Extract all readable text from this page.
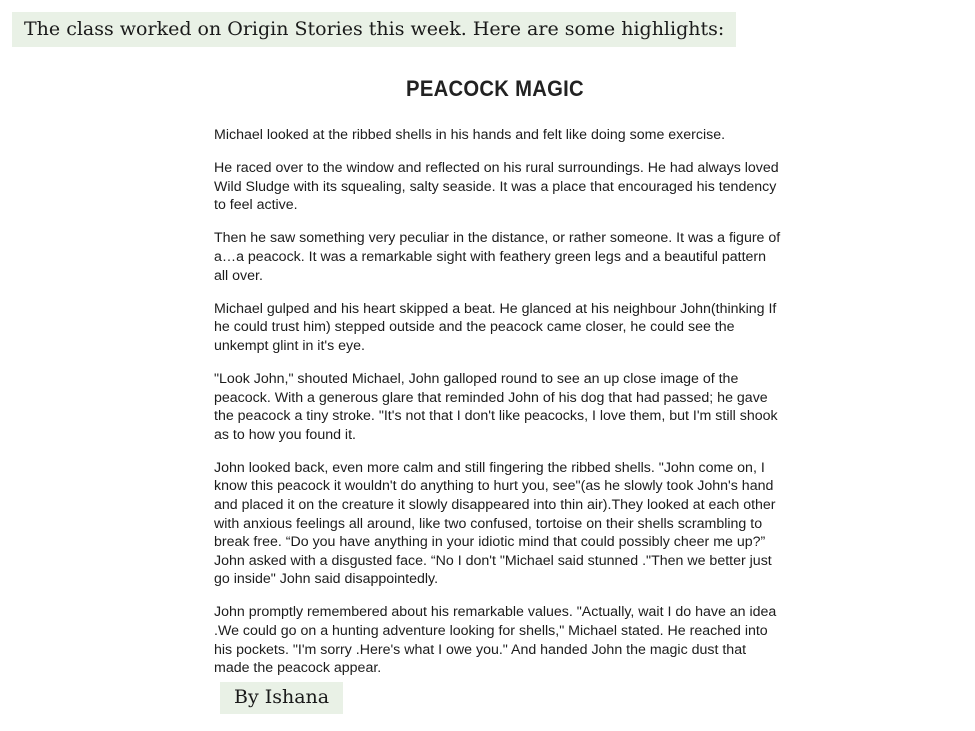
The class worked on Origin Stories this week. Here are some highlights:
PEACOCK MAGIC

Michael looked at the ribbed shells in his hands and felt like doing some exercise.

He raced over to the window and reflected on his rural surroundings. He had always loved Wild Sludge with its squealing, salty seaside. It was a place that encouraged his tendency to feel active.

Then he saw something very peculiar in the distance, or rather someone. It was a figure of a…a peacock. It was a remarkable sight with feathery green legs and a beautiful pattern all over.

Michael gulped and his heart skipped a beat. He glanced at his neighbour John(thinking If he could trust him) stepped outside and the peacock came closer, he could see the unkempt glint in it's eye.

"Look John," shouted Michael, John galloped round to see an up close image of the peacock. With a generous glare that reminded John of his dog that had passed; he gave the peacock a tiny stroke. "It's not that I don't like peacocks, I love them, but I'm still shook as to how you found it.

John looked back, even more calm and still fingering the ribbed shells. "John come on, I know this peacock it wouldn't do anything to hurt you, see"(as he slowly took John's hand and placed it on the creature it slowly disappeared into thin air).They looked at each other with anxious feelings all around, like two confused, tortoise on their shells scrambling to break free. “Do you have anything in your idiotic mind that could possibly cheer me up?” John asked with a disgusted face. “No I don't "Michael said stunned ."Then we better just go inside" John said disappointedly.

John promptly remembered about his remarkable values. "Actually, wait I do have an idea .We could go on a hunting adventure looking for shells," Michael stated. He reached into his pockets. "I'm sorry .Here's what I owe you." And handed John the magic dust that made the peacock appear.

By Ishana
